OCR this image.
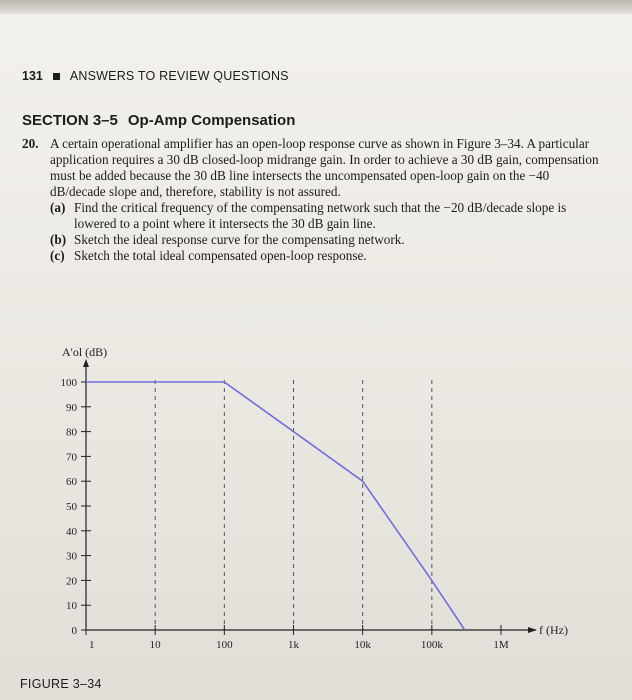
131 ANSWERS TO REVIEW QUESTIONS
SECTION 3–5 Op-Amp Compensation
20. A certain operational amplifier has an open-loop response curve as shown in Figure 3–34. A particular application requires a 30 dB closed-loop midrange gain. In order to achieve a 30 dB gain, compensation must be added because the 30 dB line intersects the uncompensated open-loop gain on the −40 dB/decade slope and, therefore, stability is not assured.
(a) Find the critical frequency of the compensating network such that the −20 dB/decade slope is lowered to a point where it intersects the 30 dB gain line.
(b) Sketch the ideal response curve for the compensating network.
(c) Sketch the total ideal compensated open-loop response.
100
90
80
70
60
50
40
30
20
10
0
1	10	100	1k	10k	100k	1M
A'ol (dB)
f (Hz)
FIGURE 3–34
